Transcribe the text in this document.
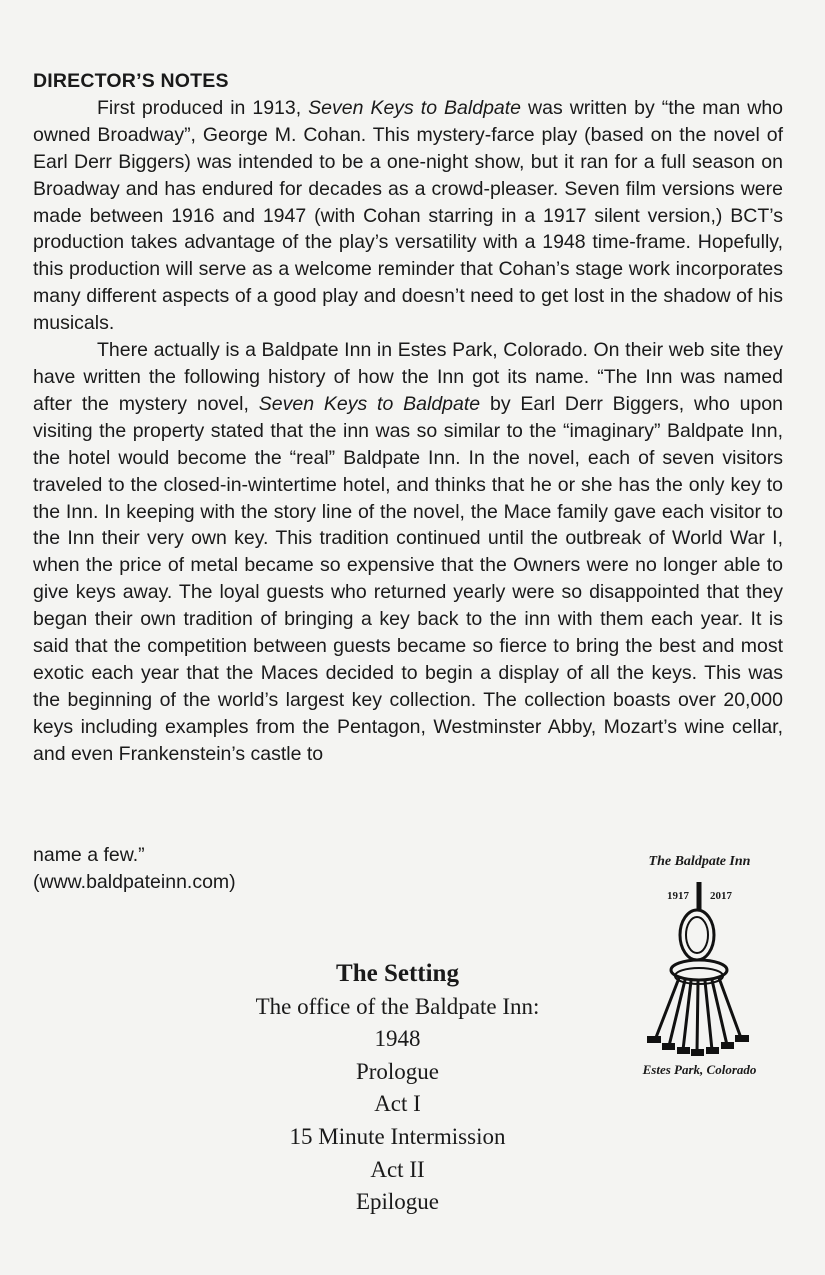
DIRECTOR’S NOTES

First produced in 1913, Seven Keys to Baldpate was written by “the man who owned Broadway”, George M. Cohan. This mystery-farce play (based on the novel of Earl Derr Biggers) was intended to be a one-night show, but it ran for a full season on Broadway and has endured for decades as a crowd-pleaser. Seven film versions were made between 1916 and 1947 (with Cohan starring in a 1917 silent version,) BCT’s production takes advantage of the play’s versatility with a 1948 time-frame. Hopefully, this production will serve as a welcome reminder that Cohan’s stage work incorporates many different aspects of a good play and doesn’t need to get lost in the shadow of his musicals.

There actually is a Baldpate Inn in Estes Park, Colorado. On their web site they have written the following history of how the Inn got its name. “The Inn was named after the mystery novel, Seven Keys to Baldpate by Earl Derr Biggers, who upon visiting the property stated that the inn was so similar to the “imaginary” Baldpate Inn, the hotel would become the “real” Baldpate Inn. In the novel, each of seven visitors traveled to the closed-in-wintertime hotel, and thinks that he or she has the only key to the Inn. In keeping with the story line of the novel, the Mace family gave each visitor to the Inn their very own key. This tradition continued until the outbreak of World War I, when the price of metal became so expensive that the Owners were no longer able to give keys away. The loyal guests who returned yearly were so disappointed that they began their own tradition of bringing a key back to the inn with them each year. It is said that the competition between guests became so fierce to bring the best and most exotic each year that the Maces decided to begin a display of all the keys. This was the beginning of the world’s largest key collection. The collection boasts over 20,000 keys including examples from the Pentagon, Westminster Abby, Mozart’s wine cellar, and even Frankenstein’s castle to

name a few.”
(www.baldpateinn.com)
The Baldpate Inn
1917 2017
Estes Park, Colorado
The Setting
The office of the Baldpate Inn: 1948
Prologue
Act I
15 Minute Intermission
Act II
Epilogue
